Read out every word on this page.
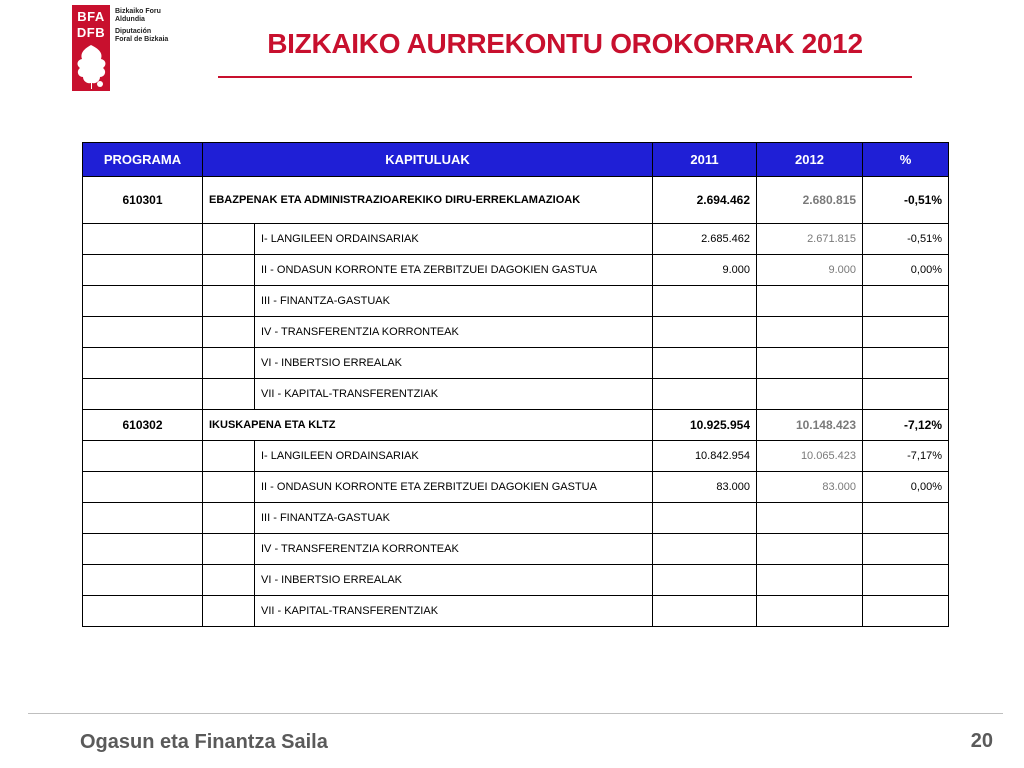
BFA
DFB
Bizkaiko Foru
Aldundia
Diputación
Foral de Bizkaia	BIZKAIKO AURREKONTU OROKORRAK 2012
PROGRAMA	KAPITULUAK		2011	2012	%
610301	EBAZPENAK ETA ADMINISTRAZIOAREKIKO DIRU-ERREKLAMAZIOAK		2.694.462	2.680.815	-0,51%
		I- LANGILEEN ORDAINSARIAK	2.685.462	2.671.815	-0,51%
		II - ONDASUN KORRONTE ETA ZERBITZUEI DAGOKIEN GASTUA	9.000	9.000	0,00%
		III - FINANTZA-GASTUAK			
		IV - TRANSFERENTZIA KORRONTEAK			
		VI - INBERTSIO ERREALAK			
		VII - KAPITAL-TRANSFERENTZIAK			
610302	IKUSKAPENA ETA KLTZ		10.925.954	10.148.423	-7,12%
		I- LANGILEEN ORDAINSARIAK	10.842.954	10.065.423	-7,17%
		II - ONDASUN KORRONTE ETA ZERBITZUEI DAGOKIEN GASTUA	83.000	83.000	0,00%
		III - FINANTZA-GASTUAK			
		IV - TRANSFERENTZIA KORRONTEAK			
		VI - INBERTSIO ERREALAK			
		VII - KAPITAL-TRANSFERENTZIAK			
Ogasun eta Finantza Saila	20
